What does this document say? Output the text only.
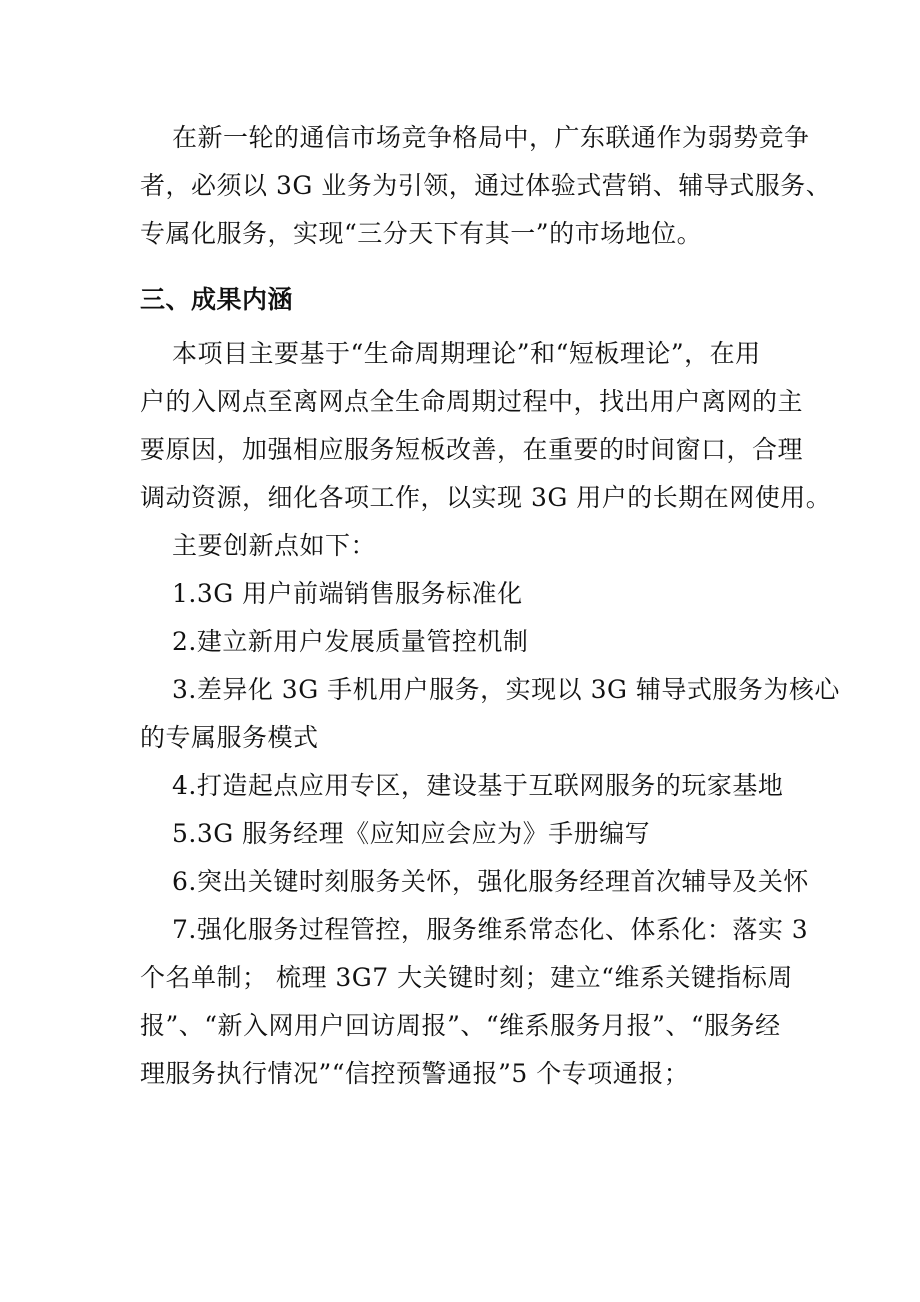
在新一轮的通信市场竞争格局中，广东联通作为弱势竞争
者，必须以 3G 业务为引领，通过体验式营销、辅导式服务、
专属化服务，实现“三分天下有其一”的市场地位。
三、成果内涵
本项目主要基于“生命周期理论”和“短板理论”，在用
户的入网点至离网点全生命周期过程中，找出用户离网的主
要原因，加强相应服务短板改善，在重要的时间窗口，合理
调动资源，细化各项工作，以实现 3G 用户的长期在网使用。
主要创新点如下：
1.3G 用户前端销售服务标准化
2.建立新用户发展质量管控机制
3.差异化 3G 手机用户服务，实现以 3G 辅导式服务为核心
的专属服务模式
4.打造起点应用专区，建设基于互联网服务的玩家基地
5.3G 服务经理《应知应会应为》手册编写
6.突出关键时刻服务关怀，强化服务经理首次辅导及关怀
7.强化服务过程管控，服务维系常态化、体系化：落实 3
个名单制； 梳理 3G7 大关键时刻；建立“维系关键指标周
报”、“新入网用户回访周报”、“维系服务月报”、“服务经
理服务执行情况”“信控预警通报”5 个专项通报；
